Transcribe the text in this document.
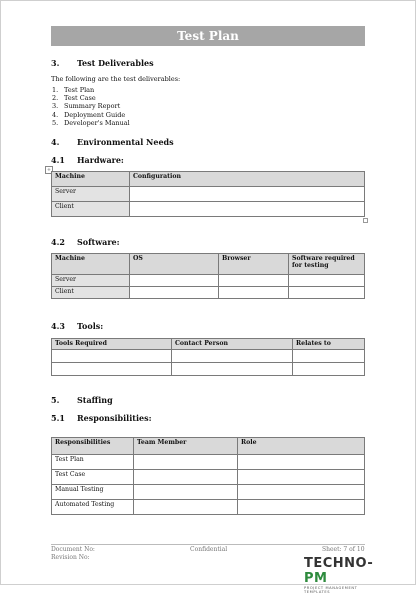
Test Plan
3. Test Deliverables
The following are the test deliverables:
1. Test Plan
2. Test Case
3. Summary Report
4. Deployment Guide
5. Developer's Manual
4. Environmental Needs
4.1 Hardware:
+
Machine	Configuration
Server	
Client	
4.2 Software:
Machine	OS	Browser	Software required for testing
Server			
Client			
4.3 Tools:
Tools Required	Contact Person	Relates to

5. Staffing
5.1 Responsibilities:
Responsibilities	Team Member	Role
Test Plan		
Test Case		
Manual Testing		
Automated Testing		
Document No:
Revision No:
Confidential	Sheet: 7 of 10
TECHNO-PM
PROJECT MANAGEMENT TEMPLATES
